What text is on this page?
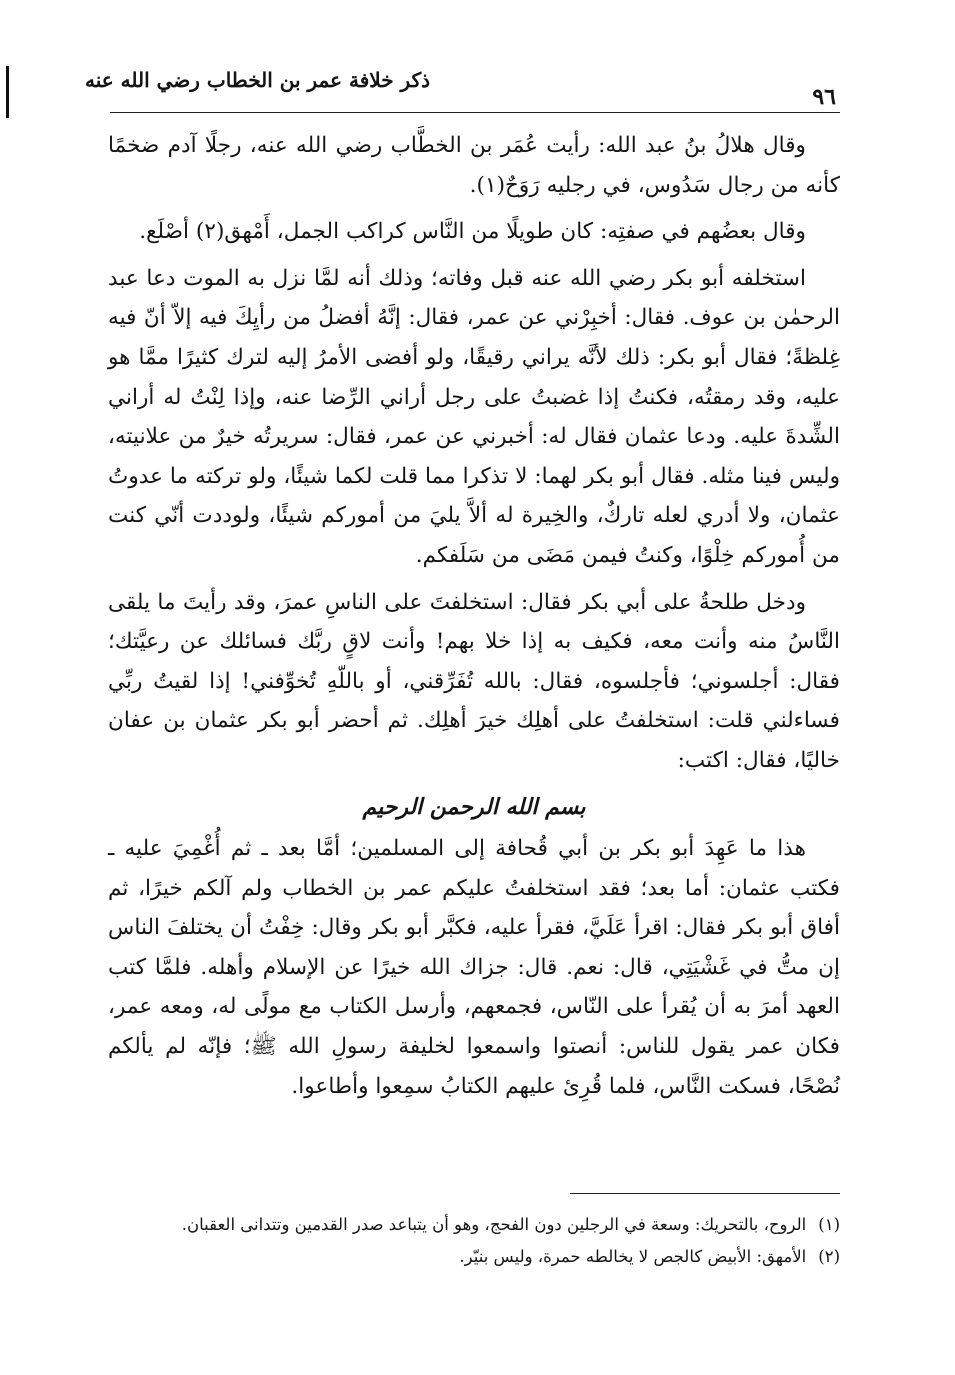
٩٦
ذكر خلافة عمر بن الخطاب رضي الله عنه

وقال هلالُ بنُ عبد الله: رأيت عُمَر بن الخطَّاب رضي الله عنه، رجلًا آدم ضخمًا كأنه من رجال سَدُوس، في رجليه رَوَحٌ(١).

وقال بعضُهم في صفتِه: كان طويلًا من النَّاس كراكب الجمل، أَمْهق(٢) أصْلَع.

استخلفه أبو بكر رضي الله عنه قبل وفاته؛ وذلك أنه لمَّا نزل به الموت دعا عبد الرحمٰن بن عوف. فقال: أخبِرْني عن عمر، فقال: إنَّهُ أفضلُ من رأيِكَ فيه إلاّ أنّ فيه غِلظةً؛ فقال أبو بكر: ذلك لأنَّه يراني رقيقًا، ولو أفضى الأمرُ إليه لترك كثيرًا ممَّا هو عليه، وقد رمقتُه، فكنتُ إذا غضبتُ على رجل أراني الرِّضا عنه، وإذا لِنْتُ له أراني الشِّدةَ عليه. ودعا عثمان فقال له: أخبرني عن عمر، فقال: سريرتُه خيرٌ من علانيته، وليس فينا مثله. فقال أبو بكر لهما: لا تذكرا مما قلت لكما شيئًا، ولو تركته ما عدوتُ عثمان، ولا أدري لعله تاركٌ، والخِيرة له ألاَّ يليَ من أموركم شيئًا، ولوددت أنّي كنت من أُموركم خِلْوًا، وكنتُ فيمن مَضَى من سَلَفكم.

ودخل طلحةُ على أبي بكر فقال: استخلفتَ على الناسِ عمرَ، وقد رأيتَ ما يلقى النَّاسُ منه وأنت معه، فكيف به إذا خلا بهم! وأنت لاقٍ ربَّك فسائلك عن رعيَّتك؛ فقال: أجلسوني؛ فأجلسوه، فقال: بالله تُفَرِّقني، أو باللّهِ تُخوِّفني! إذا لقيتُ ربِّي فساءلني قلت: استخلفتُ على أهلِك خيرَ أهلِك. ثم أحضر أبو بكر عثمان بن عفان خاليًا، فقال: اكتب:

بسم الله الرحمن الرحيم

هذا ما عَهِدَ أبو بكر بن أبي قُحافة إلى المسلمين؛ أمَّا بعد ـ ثم أُغْمِيَ عليه ـ فكتب عثمان: أما بعد؛ فقد استخلفتُ عليكم عمر بن الخطاب ولم آلكم خيرًا، ثم أفاق أبو بكر فقال: اقرأ عَلَيَّ، فقرأ عليه، فكبَّر أبو بكر وقال: خِفْتُ أن يختلفَ الناس إن متُّ في غَشْيَتِي، قال: نعم. قال: جزاك الله خيرًا عن الإسلام وأهله. فلمَّا كتب العهد أمرَ به أن يُقرأ على النّاس، فجمعهم، وأرسل الكتاب مع مولًى له، ومعه عمر، فكان عمر يقول للناس: أنصتوا واسمعوا لخليفة رسولِ الله ﷺ؛ فإنّه لم يألكم نُصْحًا، فسكت النَّاس، فلما قُرِئ عليهم الكتابُ سمِعوا وأطاعوا.

(١)
الروح، بالتحريك: وسعة في الرجلين دون الفحج، وهو أن يتباعد صدر القدمين وتتدانى العقبان.
(٢)
الأمهق: الأبيض كالجص لا يخالطه حمرة، وليس بنيّر.
